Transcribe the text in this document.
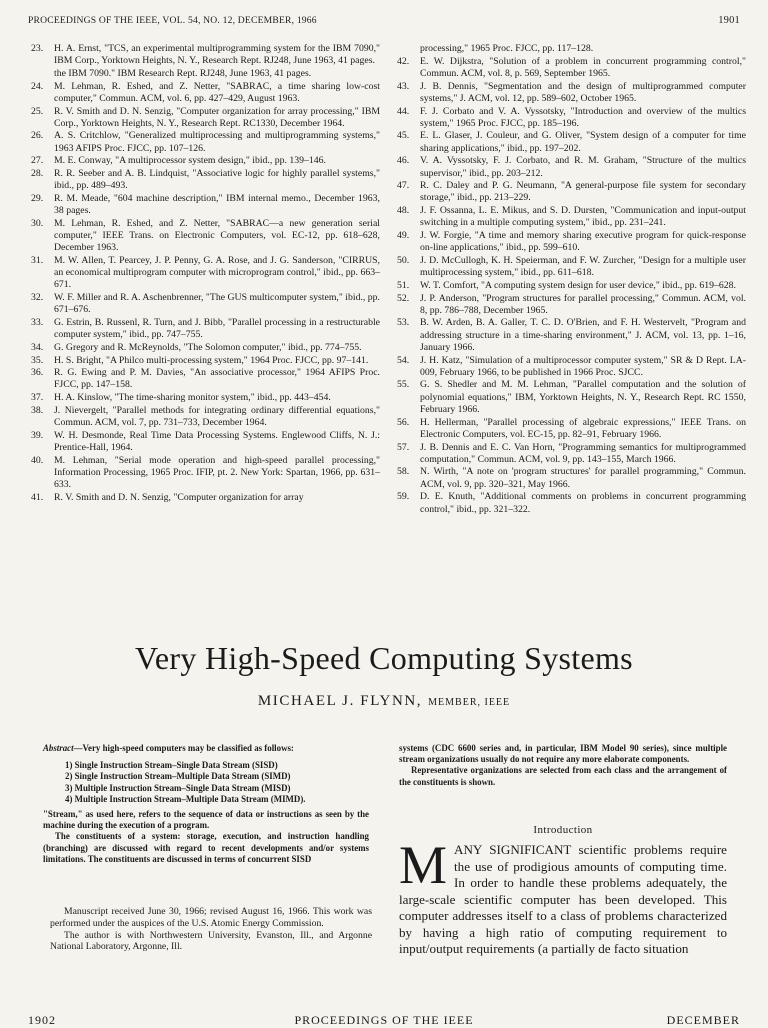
PROCEEDINGS OF THE IEEE, VOL. 54, NO. 12, DECEMBER, 1966	1901
23.	H. A. Ernst, "TCS, an experimental multiprogramming system for the IBM 7090," IBM Corp., Yorktown Heights, N. Y., Research Rept. RJ248, June 1963, 41 pages.
the IBM 7090." IBM Research Rept. RJ248, June 1963, 41 pages.
24.	M. Lehman, R. Eshed, and Z. Netter, "SABRAC, a time sharing low-cost computer," Commun. ACM, vol. 6, pp. 427–429, August 1963.
25.	R. V. Smith and D. N. Senzig, "Computer organization for array processing," IBM Corp., Yorktown Heights, N. Y., Research Rept. RC1330, December 1964.
26.	A. S. Critchlow, "Generalized multiprocessing and multiprogramming systems," 1963 AFIPS Proc. FJCC, pp. 107–126.
27.	M. E. Conway, "A multiprocessor system design," ibid., pp. 139–146.
28.	R. R. Seeber and A. B. Lindquist, "Associative logic for highly parallel systems," ibid., pp. 489–493.
29.	R. M. Meade, "604 machine description," IBM internal memo., December 1963, 38 pages.
30.	M. Lehman, R. Eshed, and Z. Netter, "SABRAC—a new generation serial computer," IEEE Trans. on Electronic Computers, vol. EC-12, pp. 618–628, December 1963.
31.	M. W. Allen, T. Pearcey, J. P. Penny, G. A. Rose, and J. G. Sanderson, "CIRRUS, an economical multiprogram computer with microprogram control," ibid., pp. 663–671.
32.	W. F. Miller and R. A. Aschenbrenner, "The GUS multicomputer system," ibid., pp. 671–676.
33.	G. Estrin, B. Russenl, R. Turn, and J. Bibb, "Parallel processing in a restructurable computer system," ibid., pp. 747–755.
34.	G. Gregory and R. McReynolds, "The Solomon computer," ibid., pp. 774–755.
35.	H. S. Bright, "A Philco multi-processing system," 1964 Proc. FJCC, pp. 97–141.
36.	R. G. Ewing and P. M. Davies, "An associative processor," 1964 AFIPS Proc. FJCC, pp. 147–158.
37.	H. A. Kinslow, "The time-sharing monitor system," ibid., pp. 443–454.
38.	J. Nievergelt, "Parallel methods for integrating ordinary differential equations," Commun. ACM, vol. 7, pp. 731–733, December 1964.
39.	W. H. Desmonde, Real Time Data Processing Systems. Englewood Cliffs, N. J.: Prentice-Hall, 1964.
40.	M. Lehman, "Serial mode operation and high-speed parallel processing," Information Processing, 1965 Proc. IFIP, pt. 2. New York: Spartan, 1966, pp. 631–633.
41.	R. V. Smith and D. N. Senzig, "Computer organization for array
processing," 1965 Proc. FJCC, pp. 117–128.
42.	E. W. Dijkstra, "Solution of a problem in concurrent programming control," Commun. ACM, vol. 8, p. 569, September 1965.
43.	J. B. Dennis, "Segmentation and the design of multiprogrammed computer systems," J. ACM, vol. 12, pp. 589–602, October 1965.
44.	F. J. Corbato and V. A. Vyssotsky, "Introduction and overview of the multics system," 1965 Proc. FJCC, pp. 185–196.
45.	E. L. Glaser, J. Couleur, and G. Oliver, "System design of a computer for time sharing applications," ibid., pp. 197–202.
46.	V. A. Vyssotsky, F. J. Corbato, and R. M. Graham, "Structure of the multics supervisor," ibid., pp. 203–212.
47.	R. C. Daley and P. G. Neumann, "A general-purpose file system for secondary storage," ibid., pp. 213–229.
48.	J. F. Ossanna, L. E. Mikus, and S. D. Dursten, "Communication and input-output switching in a multiple computing system," ibid., pp. 231–241.
49.	J. W. Forgie, "A time and memory sharing executive program for quick-response on-line applications," ibid., pp. 599–610.
50.	J. D. McCullogh, K. H. Speierman, and F. W. Zurcher, "Design for a multiple user multiprocessing system," ibid., pp. 611–618.
51.	W. T. Comfort, "A computing system design for user device," ibid., pp. 619–628.
52.	J. P. Anderson, "Program structures for parallel processing," Commun. ACM, vol. 8, pp. 786–788, December 1965.
53.	B. W. Arden, B. A. Galler, T. C. D. O'Brien, and F. H. Westervelt, "Program and addressing structure in a time-sharing environment," J. ACM, vol. 13, pp. 1–16, January 1966.
54.	J. H. Katz, "Simulation of a multiprocessor computer system," SR & D Rept. LA-009, February 1966, to be published in 1966 Proc. SJCC.
55.	G. S. Shedler and M. M. Lehman, "Parallel computation and the solution of polynomial equations," IBM, Yorktown Heights, N. Y., Research Rept. RC 1550, February 1966.
56.	H. Hellerman, "Parallel processing of algebraic expressions," IEEE Trans. on Electronic Computers, vol. EC-15, pp. 82–91, February 1966.
57.	J. B. Dennis and E. C. Van Horn, "Programming semantics for multiprogrammed computation," Commun. ACM, vol. 9, pp. 143–155, March 1966.
58.	N. Wirth, "A note on 'program structures' for parallel programming," Commun. ACM, vol. 9, pp. 320–321, May 1966.
59.	D. E. Knuth, "Additional comments on problems in concurrent programming control," ibid., pp. 321–322.
Very High-Speed Computing Systems
MICHAEL J. FLYNN, MEMBER, IEEE

Abstract—Very high-speed computers may be classified as follows:

1) Single Instruction Stream–Single Data Stream (SISD)
2) Single Instruction Stream–Multiple Data Stream (SIMD)
3) Multiple Instruction Stream–Single Data Stream (MISD)
4) Multiple Instruction Stream–Multiple Data Stream (MIMD).

"Stream," as used here, refers to the sequence of data or instructions as seen by the machine during the execution of a program.

The constituents of a system: storage, execution, and instruction handling (branching) are discussed with regard to recent developments and/or systems limitations. The constituents are discussed in terms of concurrent SISD

Manuscript received June 30, 1966; revised August 16, 1966. This work was performed under the auspices of the U.S. Atomic Energy Commission.

The author is with Northwestern University, Evanston, Ill., and Argonne National Laboratory, Argonne, Ill.

systems (CDC 6600 series and, in particular, IBM Model 90 series), since multiple stream organizations usually do not require any more elaborate components.

Representative organizations are selected from each class and the arrangement of the constituents is shown.

Introduction
MANY SIGNIFICANT scientific problems require the use of prodigious amounts of computing time. In order to handle these problems adequately, the large-scale scientific computer has been developed. This computer addresses itself to a class of problems characterized by having a high ratio of computing requirement to input/output requirements (a partially de facto situation
1902	PROCEEDINGS OF THE IEEE	DECEMBER
